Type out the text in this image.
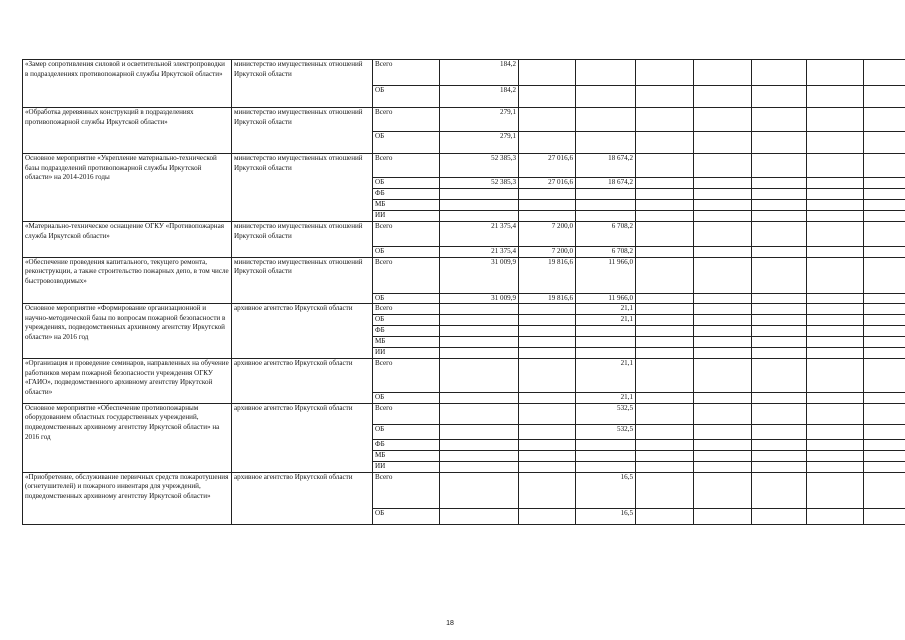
«Замер сопротивления силовой и осветительной электропроводки в подразделениях противопожарной службы Иркутской области»	министерство имущественных отношений Иркутской области	Всего	184,2							
		ОБ	184,2							
«Обработка деревянных конструкций в подразделениях противопожарной службы Иркутской области»	министерство имущественных отношений Иркутской области	Всего	279,1							
		ОБ	279,1							
Основное мероприятие «Укрепление материально-технической базы подразделений противопожарной службы Иркутской области» на 2014-2016 годы	министерство имущественных отношений Иркутской области	Всего	52 385,3	27 016,6	18 674,2					
		ОБ	52 385,3	27 016,6	18 674,2					
		ФБ								
		МБ								
		ИИ								
«Материально-техническое оснащение ОГКУ «Противопожарная служба Иркутской области»	министерство имущественных отношений Иркутской области	Всего	21 375,4	7 200,0	6 708,2					
		ОБ	21 375,4	7 200,0	6 708,2					
«Обеспечение проведения капитального, текущего ремонта, реконструкции, а также строительство пожарных депо, в том числе быстровозводимых»	министерство имущественных отношений Иркутской области	Всего	31 009,9	19 816,6	11 966,0					
		ОБ	31 009,9	19 816,6	11 966,0					
Основное мероприятие «Формирование организационной и научно-методической базы по вопросам пожарной безопасности в учреждениях, подведомственных архивному агентству Иркутской области» на 2016 год	архивное агентство Иркутской области	Всего			21,1					
		ОБ			21,1					
		ФБ								
		МБ								
		ИИ								
«Организация и проведение семинаров, направленных на обучение работников мерам пожарной безопасности учреждения ОГКУ «ГАИО», подведомственного архивному агентству Иркутской области»	архивное агентство Иркутской области	Всего			21,1					
		ОБ			21,1					
Основное мероприятие «Обеспечение противопожарным оборудованием областных государственных учреждений, подведомственных архивному агентству Иркутской области» на 2016 год	архивное агентство Иркутской области	Всего			532,5					
		ОБ			532,5					
		ФБ								
		МБ								
		ИИ								
«Приобретение, обслуживание первичных средств пожаротушения (огнетушителей) и пожарного инвентаря для учреждений, подведомственных архивному агентству Иркутской области»	архивное агентство Иркутской области	Всего			16,5					
		ОБ			16,5					
18
